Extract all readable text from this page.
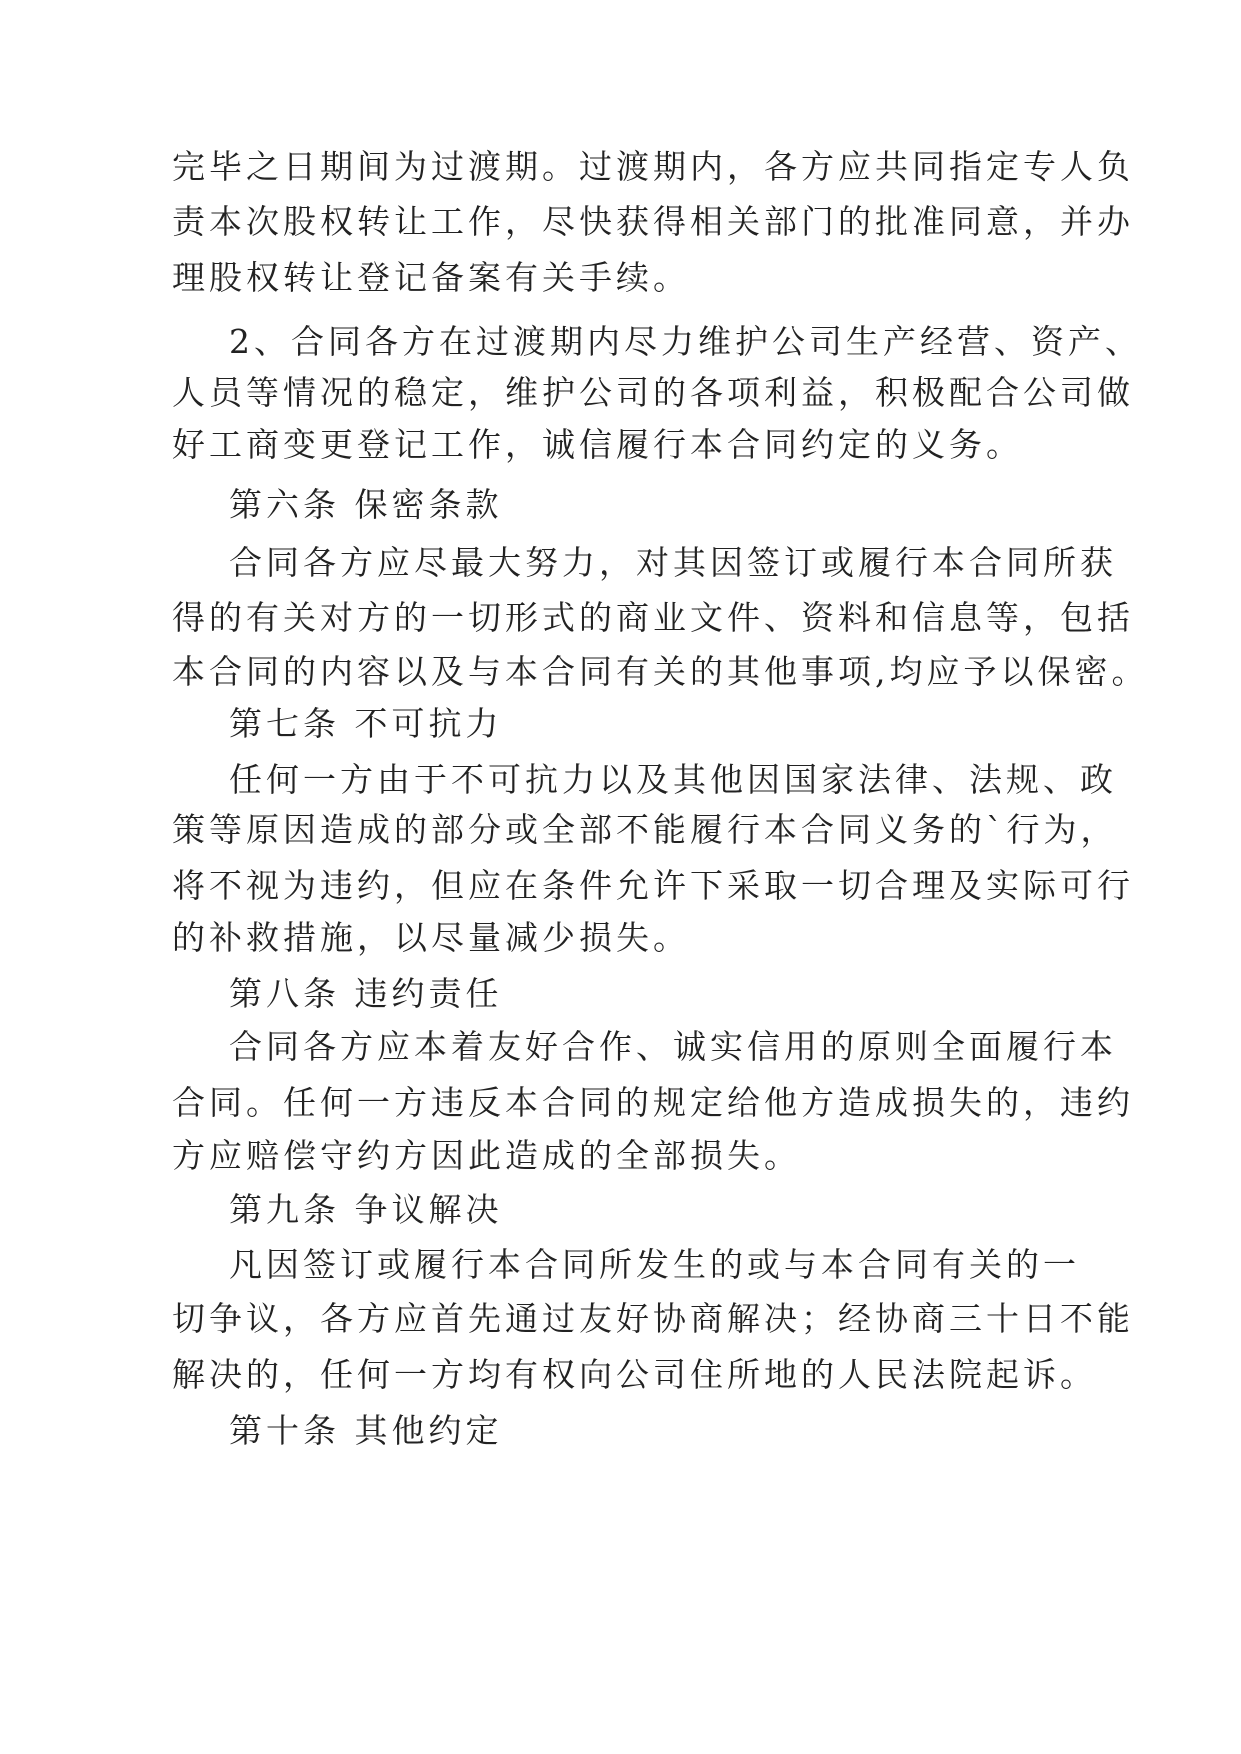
完毕之日期间为过渡期。过渡期内，各方应共同指定专人负
责本次股权转让工作，尽快获得相关部门的批准同意，并办
理股权转让登记备案有关手续。
2、合同各方在过渡期内尽力维护公司生产经营、资产、
人员等情况的稳定，维护公司的各项利益，积极配合公司做
好工商变更登记工作，诚信履行本合同约定的义务。
第六条 保密条款
合同各方应尽最大努力，对其因签订或履行本合同所获
得的有关对方的一切形式的商业文件、资料和信息等，包括
本合同的内容以及与本合同有关的其他事项,均应予以保密。
第七条 不可抗力
任何一方由于不可抗力以及其他因国家法律、法规、政
策等原因造成的部分或全部不能履行本合同义务的`行为，
将不视为违约，但应在条件允许下采取一切合理及实际可行
的补救措施，以尽量减少损失。
第八条 违约责任
合同各方应本着友好合作、诚实信用的原则全面履行本
合同。任何一方违反本合同的规定给他方造成损失的，违约
方应赔偿守约方因此造成的全部损失。
第九条 争议解决
凡因签订或履行本合同所发生的或与本合同有关的一
切争议，各方应首先通过友好协商解决；经协商三十日不能
解决的，任何一方均有权向公司住所地的人民法院起诉。
第十条 其他约定
